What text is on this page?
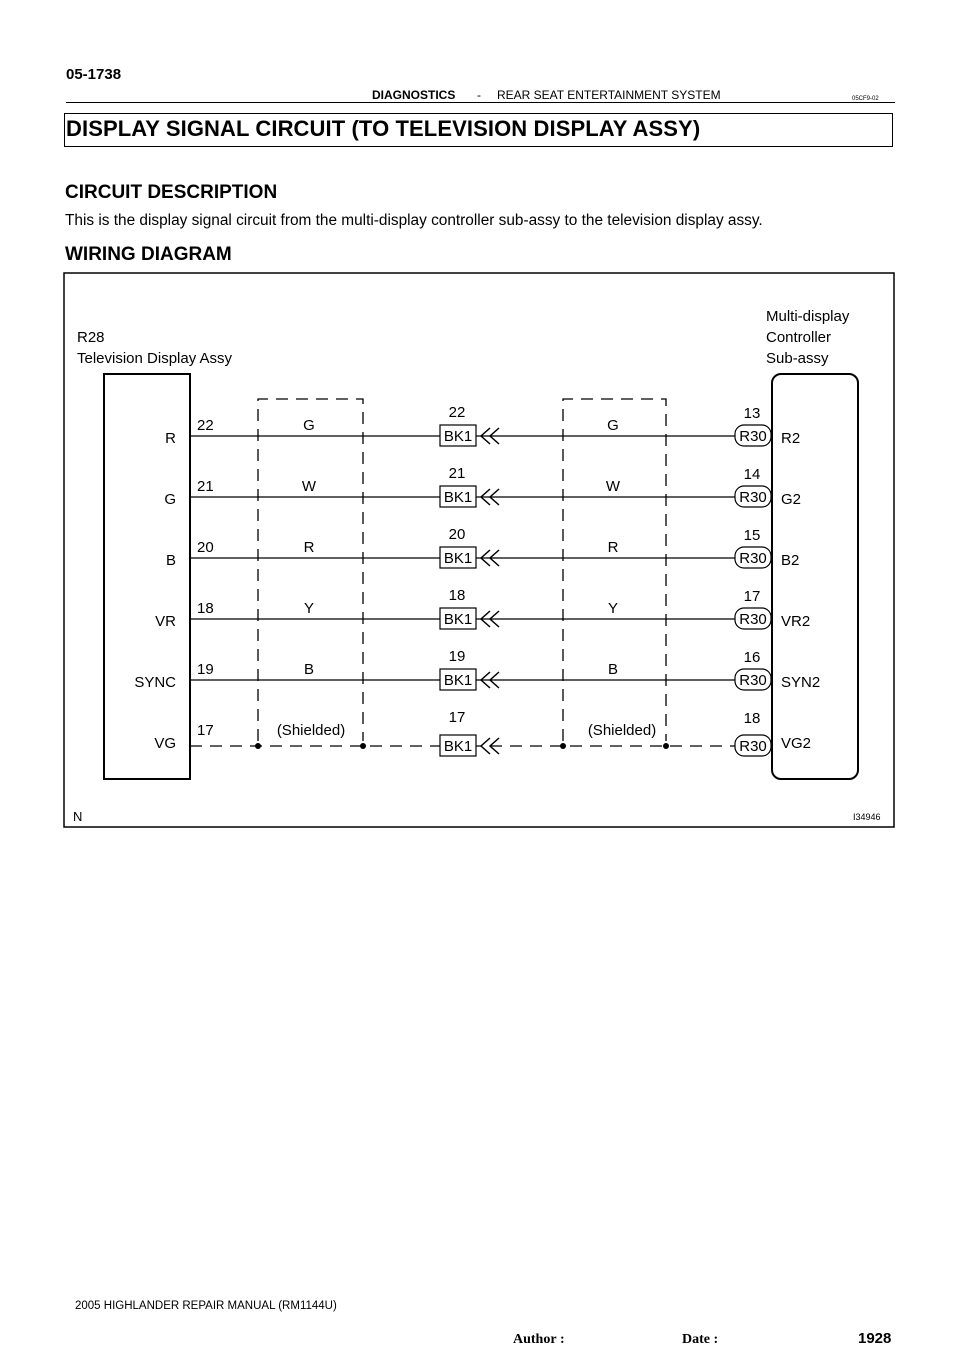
05-1738
DIAGNOSTICS - REAR SEAT ENTERTAINMENT SYSTEM	05CF9-02
DISPLAY SIGNAL CIRCUIT (TO TELEVISION DISPLAY ASSY)
CIRCUIT DESCRIPTION
This is the display signal circuit from the multi-display controller sub-assy to the television display assy.
WIRING DIAGRAM
R28
Television Display Assy
Multi-display
Controller
Sub-assy
N	I34946
R
22	G
22
BK1
G
13
R30 R2
G
21	W
21
BK1
W
14
R30 G2
B
20	R
20
BK1
R
15
R30 B2
VR
18	Y
18
BK1
Y
17
R30 VR2
SYNC
19	B
19
BK1
B
16
R30 SYN2
VG
17	(Shielded)
17
BK1
(Shielded)
18
R30 VG2
2005 HIGHLANDER REPAIR MANUAL (RM1144U)
Author :	Date :	1928
